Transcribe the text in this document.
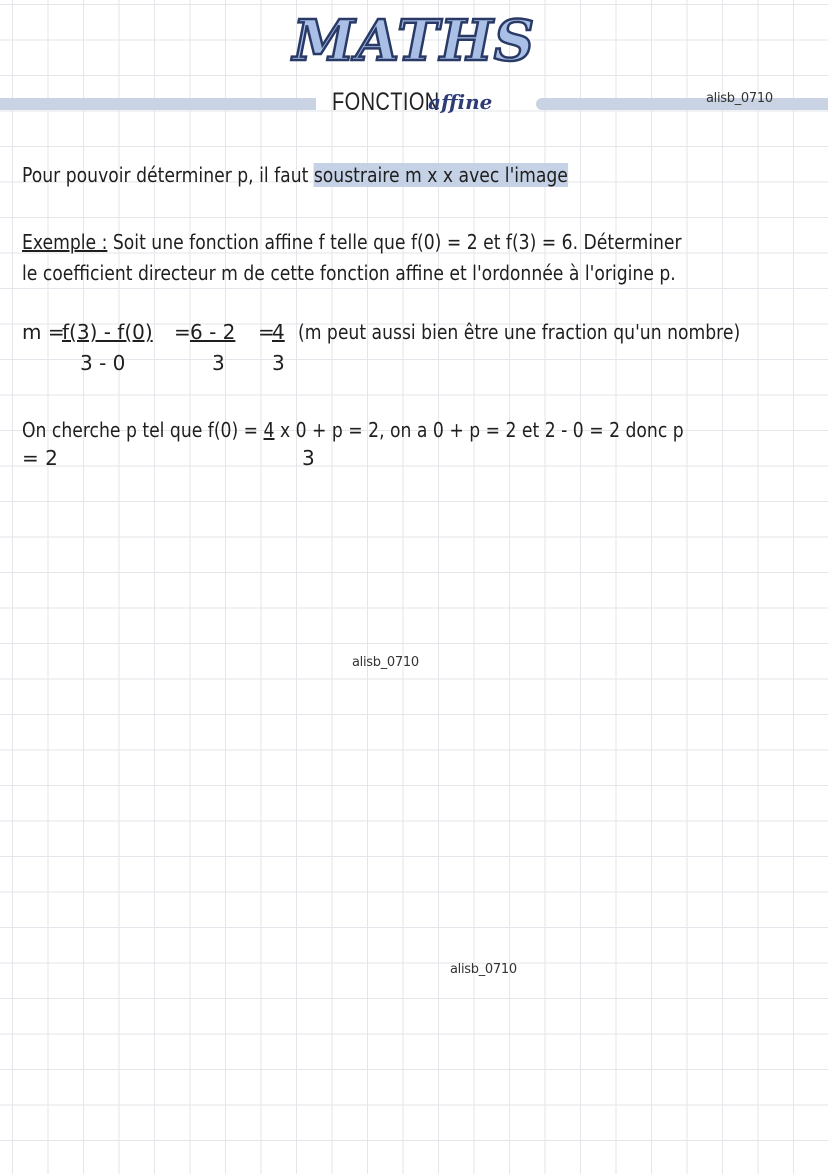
MATHS
FONCTION
affine	alisb_0710
Pour pouvoir déterminer p, il faut soustraire m x x avec l'image
Exemple : Soit une fonction affine f telle que f(0) = 2 et f(3) = 6. Déterminer
le coefficient directeur m de cette fonction affine et l'ordonnée à l'origine p.
m =
f(3) - f(0) = 6 - 2 =
4 (m peut aussi bien être une fraction qu'un nombre)
3 - 0	3 3
On cherche p tel que f(0) = 4 x 0 + p = 2, on a 0 + p = 2 et 2 - 0 = 2 donc p
3
= 2
alisb_0710
alisb_0710
